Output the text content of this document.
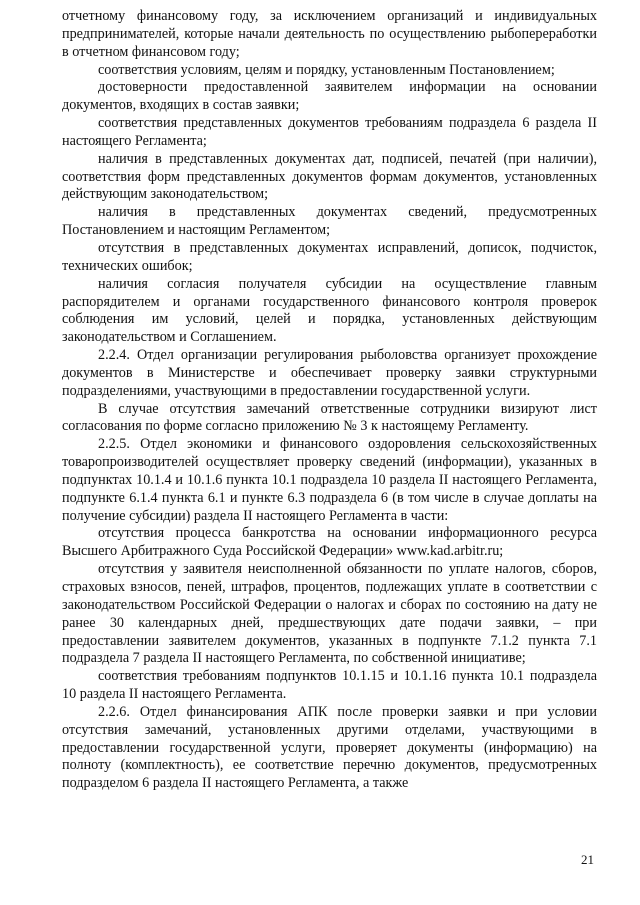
отчетному финансовому году, за исключением организаций и индивидуальных предпринимателей, которые начали деятельность по осуществлению рыбопереработки в отчетном финансовом году;

соответствия условиям, целям и порядку, установленным Постановлением;

достоверности предоставленной заявителем информации на основании документов, входящих в состав заявки;

соответствия представленных документов требованиям подраздела 6 раздела II настоящего Регламента;

наличия в представленных документах дат, подписей, печатей (при наличии), соответствия форм представленных документов формам документов, установленных действующим законодательством;

наличия в представленных документах сведений, предусмотренных Постановлением и настоящим Регламентом;

отсутствия в представленных документах исправлений, дописок, подчисток, технических ошибок;

наличия согласия получателя субсидии на осуществление главным распорядителем и органами государственного финансового контроля проверок соблюдения им условий, целей и порядка, установленных действующим законодательством и Соглашением.

2.2.4. Отдел организации регулирования рыболовства организует прохождение документов в Министерстве и обеспечивает проверку заявки структурными подразделениями, участвующими в предоставлении государственной услуги.

В случае отсутствия замечаний ответственные сотрудники визируют лист согласования по форме согласно приложению № 3 к настоящему Регламенту.

2.2.5. Отдел экономики и финансового оздоровления сельскохозяйственных товаропроизводителей осуществляет проверку сведений (информации), указанных в подпунктах 10.1.4 и 10.1.6 пункта 10.1 подраздела 10 раздела II настоящего Регламента, подпункте 6.1.4 пункта 6.1 и пункте 6.3 подраздела 6 (в том числе в случае доплаты на получение субсидии) раздела II настоящего Регламента в части:

отсутствия процесса банкротства на основании информационного ресурса Высшего Арбитражного Суда Российской Федерации» www.kad.arbitr.ru;

отсутствия у заявителя неисполненной обязанности по уплате налогов, сборов, страховых взносов, пеней, штрафов, процентов, подлежащих уплате в соответствии с законодательством Российской Федерации о налогах и сборах по состоянию на дату не ранее 30 календарных дней, предшествующих дате подачи заявки, – при предоставлении заявителем документов, указанных в подпункте 7.1.2 пункта 7.1 подраздела 7 раздела II настоящего Регламента, по собственной инициативе;

соответствия требованиям подпунктов 10.1.15 и 10.1.16 пункта 10.1 подраздела 10 раздела II настоящего Регламента.

2.2.6. Отдел финансирования АПК после проверки заявки и при условии отсутствия замечаний, установленных другими отделами, участвующими в предоставлении государственной услуги, проверяет документы (информацию) на полноту (комплектность), ее соответствие перечню документов, предусмотренных подразделом 6 раздела II настоящего Регламента, а также

21
